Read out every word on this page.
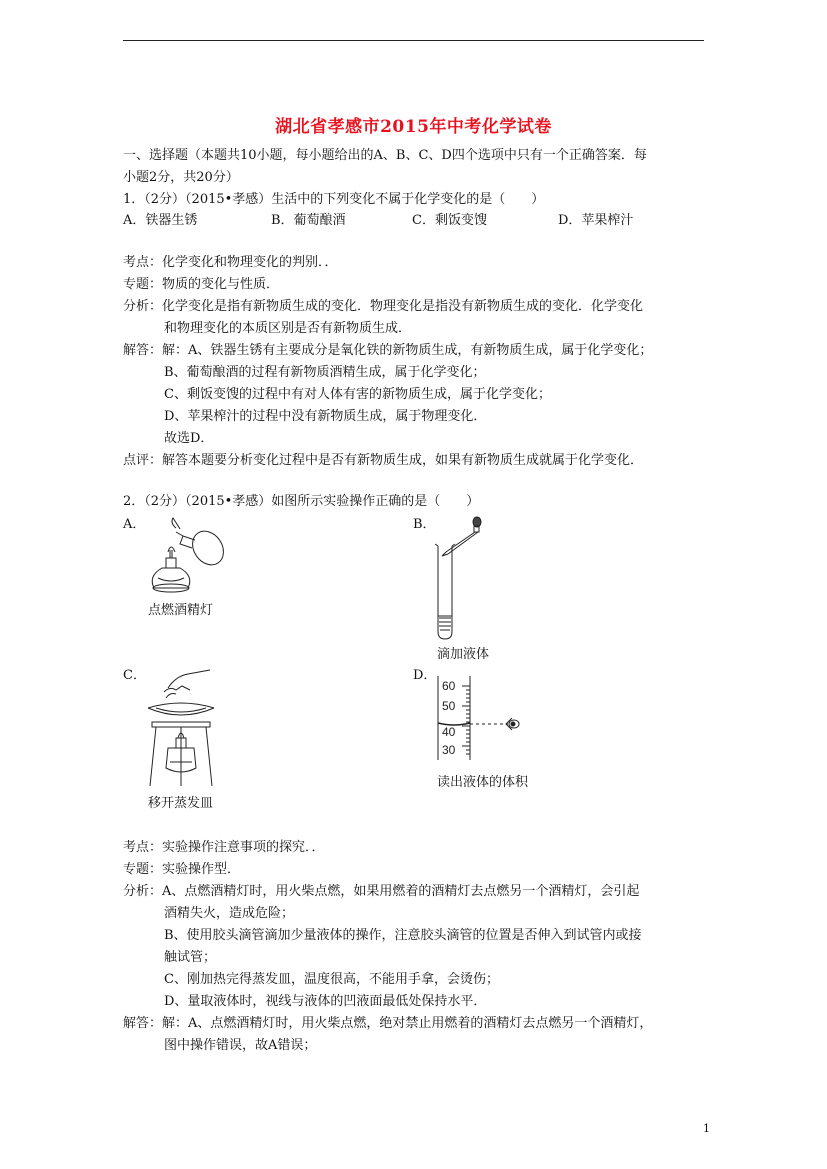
湖北省孝感市2015年中考化学试卷
一、选择题（本题共10小题，每小题给出的A、B、C、D四个选项中只有一个正确答案．每
小题2分，共20分）
1．（2分）（2015•孝感）生活中的下列变化不属于化学变化的是（　　）
A．铁器生锈	B．葡萄酿酒	C．剩饭变馊	D．苹果榨汁
考点：化学变化和物理变化的判别．．
专题：物质的变化与性质．
分析：化学变化是指有新物质生成的变化．物理变化是指没有新物质生成的变化．化学变化
和物理变化的本质区别是否有新物质生成．
解答：解：A、铁器生锈有主要成分是氧化铁的新物质生成，有新物质生成，属于化学变化；
B、葡萄酿酒的过程有新物质酒精生成，属于化学变化；
C、剩饭变馊的过程中有对人体有害的新物质生成，属于化学变化；
D、苹果榨汁的过程中没有新物质生成，属于物理变化．
故选D．
点评：解答本题要分析变化过程中是否有新物质生成，如果有新物质生成就属于化学变化．
2．（2分）（2015•孝感）如图所示实验操作正确的是（　　）
A．	B．
C．	D．
点燃酒精灯
滴加液体
移开蒸发皿
60
50
40
30
读出液体的体积
考点：实验操作注意事项的探究．．
专题：实验操作型．
分析：A、点燃酒精灯时，用火柴点燃，如果用燃着的酒精灯去点燃另一个酒精灯，会引起
酒精失火，造成危险；
B、使用胶头滴管滴加少量液体的操作，注意胶头滴管的位置是否伸入到试管内或接
触试管；
C、刚加热完得蒸发皿，温度很高，不能用手拿，会烫伤；
D、量取液体时，视线与液体的凹液面最低处保持水平．
解答：解：A、点燃酒精灯时，用火柴点燃，绝对禁止用燃着的酒精灯去点燃另一个酒精灯，
图中操作错误，故A错误；
1
